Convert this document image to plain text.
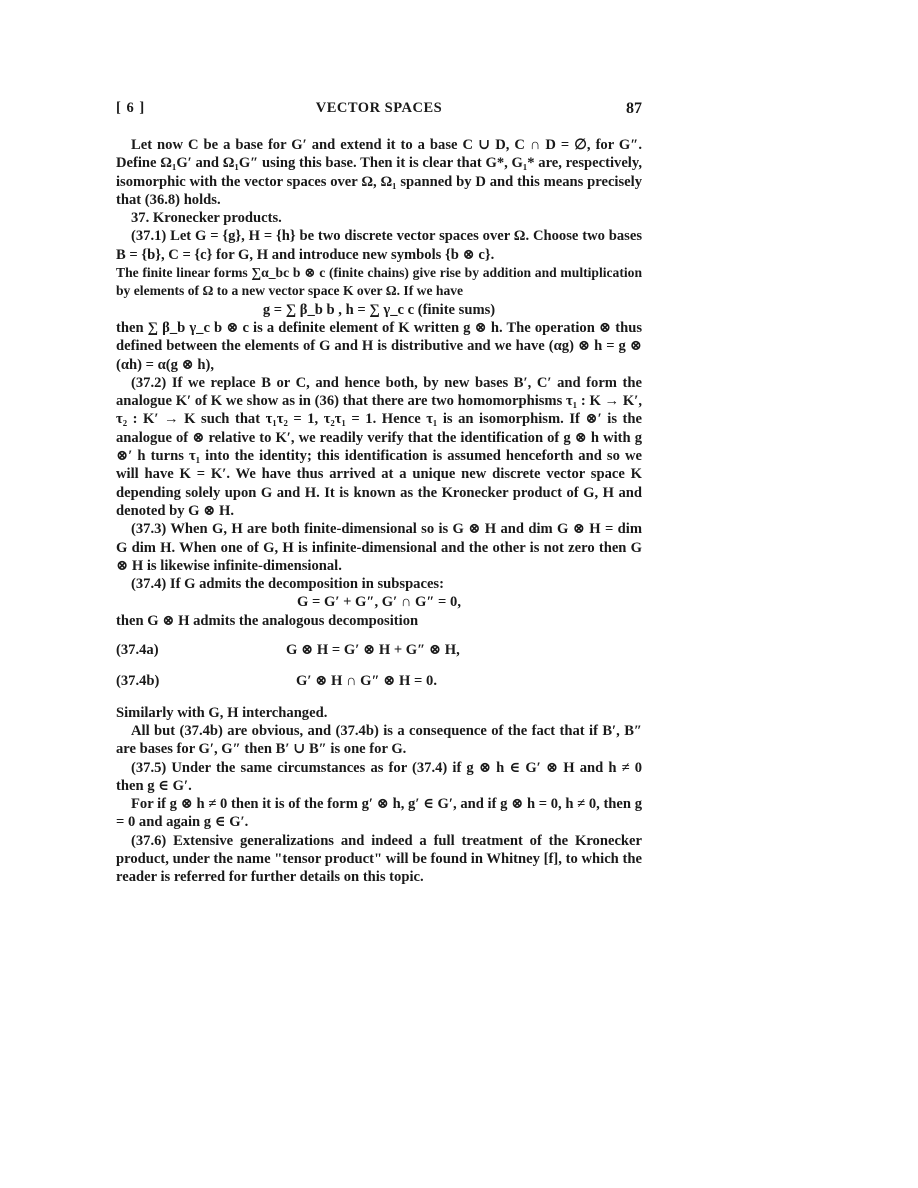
[ 6 ]	VECTOR SPACES	87

Let now C be a base for G′ and extend it to a base C ∪ D, C ∩ D = ∅, for G″. Define Ω₁G′ and Ω₁G″ using this base. Then it is clear that G*, G₁* are, respectively, isomorphic with the vector spaces over Ω, Ω₁ spanned by D and this means precisely that (36.8) holds.

37. Kronecker products.

(37.1) Let G = {g}, H = {h} be two discrete vector spaces over Ω. Choose two bases B = {b}, C = {c} for G, H and introduce new symbols {b ⊗ c}.

The finite linear forms ∑α_bc b ⊗ c (finite chains) give rise by addition and multiplication by elements of Ω to a new vector space K over Ω. If we have

g = ∑ β_b b , h = ∑ γ_c c (finite sums)

then ∑ β_b γ_c b ⊗ c is a definite element of K written g ⊗ h. The operation ⊗ thus defined between the elements of G and H is distributive and we have (αg) ⊗ h = g ⊗ (αh) = α(g ⊗ h),

(37.2) If we replace B or C, and hence both, by new bases B′, C′ and form the analogue K′ of K we show as in (36) that there are two homomorphisms τ₁ : K → K′, τ₂ : K′ → K such that τ₁τ₂ = 1, τ₂τ₁ = 1. Hence τ₁ is an isomorphism. If ⊗′ is the analogue of ⊗ relative to K′, we readily verify that the identification of g ⊗ h with g ⊗′ h turns τ₁ into the identity; this identification is assumed henceforth and so we will have K = K′. We have thus arrived at a unique new discrete vector space K depending solely upon G and H. It is known as the Kronecker product of G, H and denoted by G ⊗ H.

(37.3) When G, H are both finite-dimensional so is G ⊗ H and dim G ⊗ H = dim G dim H. When one of G, H is infinite-dimensional and the other is not zero then G ⊗ H is likewise infinite-dimensional.

(37.4) If G admits the decomposition in subspaces:

G = G′ + G″, G′ ∩ G″ = 0,

then G ⊗ H admits the analogous decomposition

(37.4a)	G ⊗ H = G′ ⊗ H + G″ ⊗ H,
(37.4b)	G′ ⊗ H ∩ G″ ⊗ H = 0.

Similarly with G, H interchanged.

All but (37.4b) are obvious, and (37.4b) is a consequence of the fact that if B′, B″ are bases for G′, G″ then B′ ∪ B″ is one for G.

(37.5) Under the same circumstances as for (37.4) if g ⊗ h ∈ G′ ⊗ H and h ≠ 0 then g ∈ G′.

For if g ⊗ h ≠ 0 then it is of the form g′ ⊗ h, g′ ∈ G′, and if g ⊗ h = 0, h ≠ 0, then g = 0 and again g ∈ G′.

(37.6) Extensive generalizations and indeed a full treatment of the Kronecker product, under the name "tensor product" will be found in Whitney [f], to which the reader is referred for further details on this topic.
